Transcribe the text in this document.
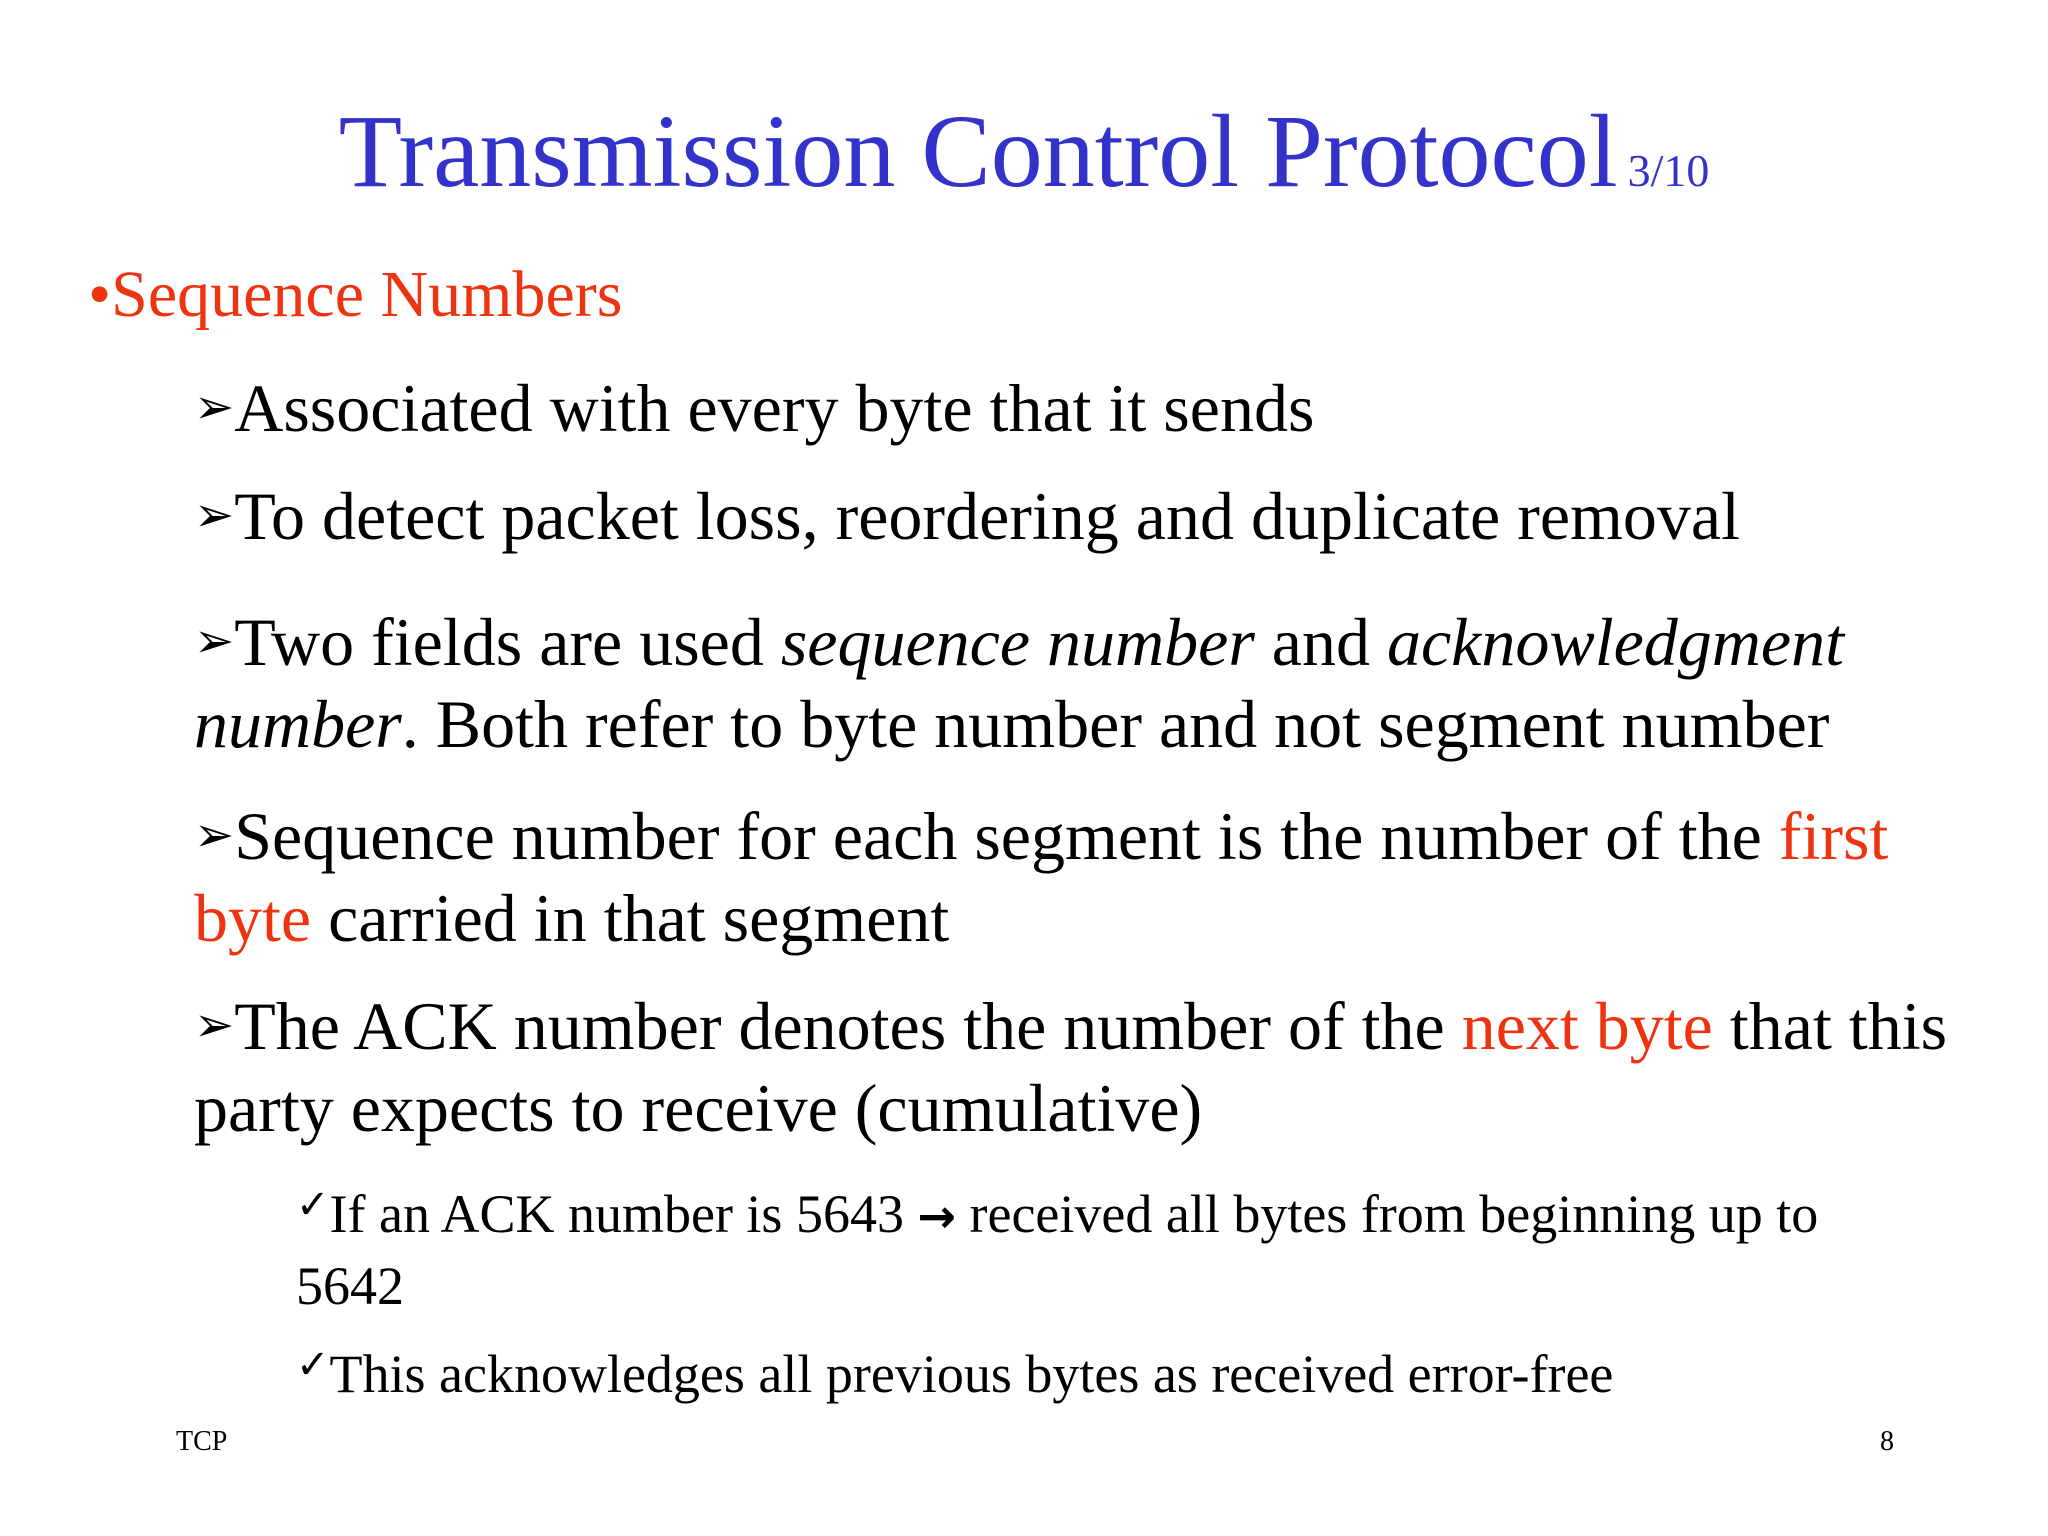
Transmission Control Protocol 3/10
•Sequence Numbers
➢Associated with every byte that it sends
➢To detect packet loss, reordering and duplicate removal
➢Two fields are used sequence number and acknowledgment number. Both refer to byte number and not segment number
➢Sequence number for each segment is the number of the first byte carried in that segment
➢The ACK number denotes the number of the next byte that this party expects to receive (cumulative)
✓If an ACK number is 5643 → received all bytes from beginning up to 5642
✓This acknowledges all previous bytes as received error-free
TCP	8
